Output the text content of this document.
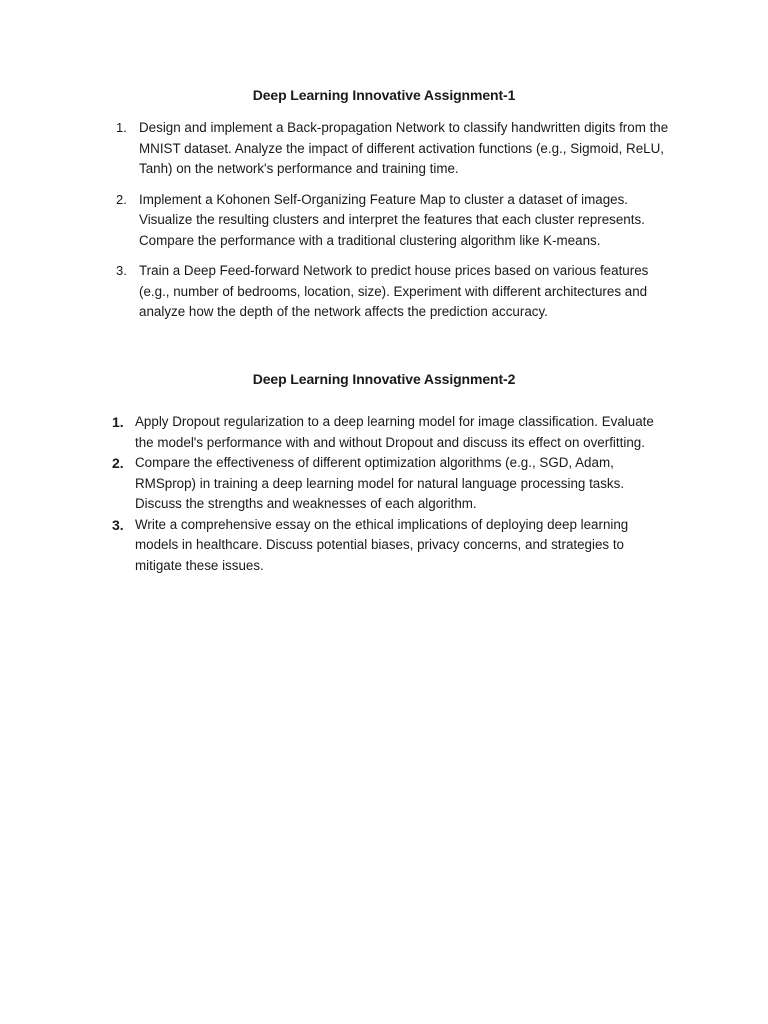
Deep Learning Innovative Assignment-1
1. Design and implement a Back-propagation Network to classify handwritten digits from the MNIST dataset. Analyze the impact of different activation functions (e.g., Sigmoid, ReLU, Tanh) on the network's performance and training time.
2. Implement a Kohonen Self-Organizing Feature Map to cluster a dataset of images. Visualize the resulting clusters and interpret the features that each cluster represents. Compare the performance with a traditional clustering algorithm like K-means.
3. Train a Deep Feed-forward Network to predict house prices based on various features (e.g., number of bedrooms, location, size). Experiment with different architectures and analyze how the depth of the network affects the prediction accuracy.
Deep Learning Innovative Assignment-2
1. Apply Dropout regularization to a deep learning model for image classification. Evaluate the model's performance with and without Dropout and discuss its effect on overfitting.
2. Compare the effectiveness of different optimization algorithms (e.g., SGD, Adam, RMSprop) in training a deep learning model for natural language processing tasks. Discuss the strengths and weaknesses of each algorithm.
3. Write a comprehensive essay on the ethical implications of deploying deep learning models in healthcare. Discuss potential biases, privacy concerns, and strategies to mitigate these issues.
